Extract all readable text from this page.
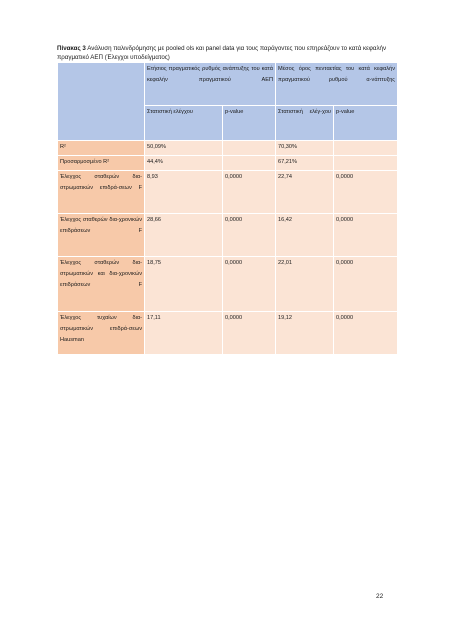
Πίνακας 3 Ανάλυση παλινδρόμησης με pooled ols και panel data για τους παράγοντες που επηρεάζουν το κατά κεφαλήν πραγματικό ΑΕΠ (Έλεγχοι υποδείγματος)
	Ετήσιος πραγματικός ρυθμός ανάπτυξης του κατά κεφαλήν πραγματικού ΑΕΠ		Μέσος όρος πενταετίας του κατά κεφαλήν πραγματικού ρυθμού α-νάπτυξης	
	Στατιστική ελέγχου	p-value	Στατιστική ελέγ-χου	p-value
R²	50,09%		70,30%	
Προσαρμοσμένο R²	44,4%		67,21%	
Έλεγχος σταθερών δια-στρωματικών επιδρά-σεων F	8,93	0,0000	22,74	0,0000
Έλεγχος σταθερών δια-χρονικών επιδράσεων F	28,66	0,0000	16,42	0,0000
Έλεγχος σταθερών δια-στρωματικών και δια-χρονικών επιδράσεων F	18,75	0,0000	22,01	0,0000
Έλεγχος τυχαίων δια-στρωματικών επιδρά-σεων Hausman	17,11	0,0000	19,12	0,0000
22
